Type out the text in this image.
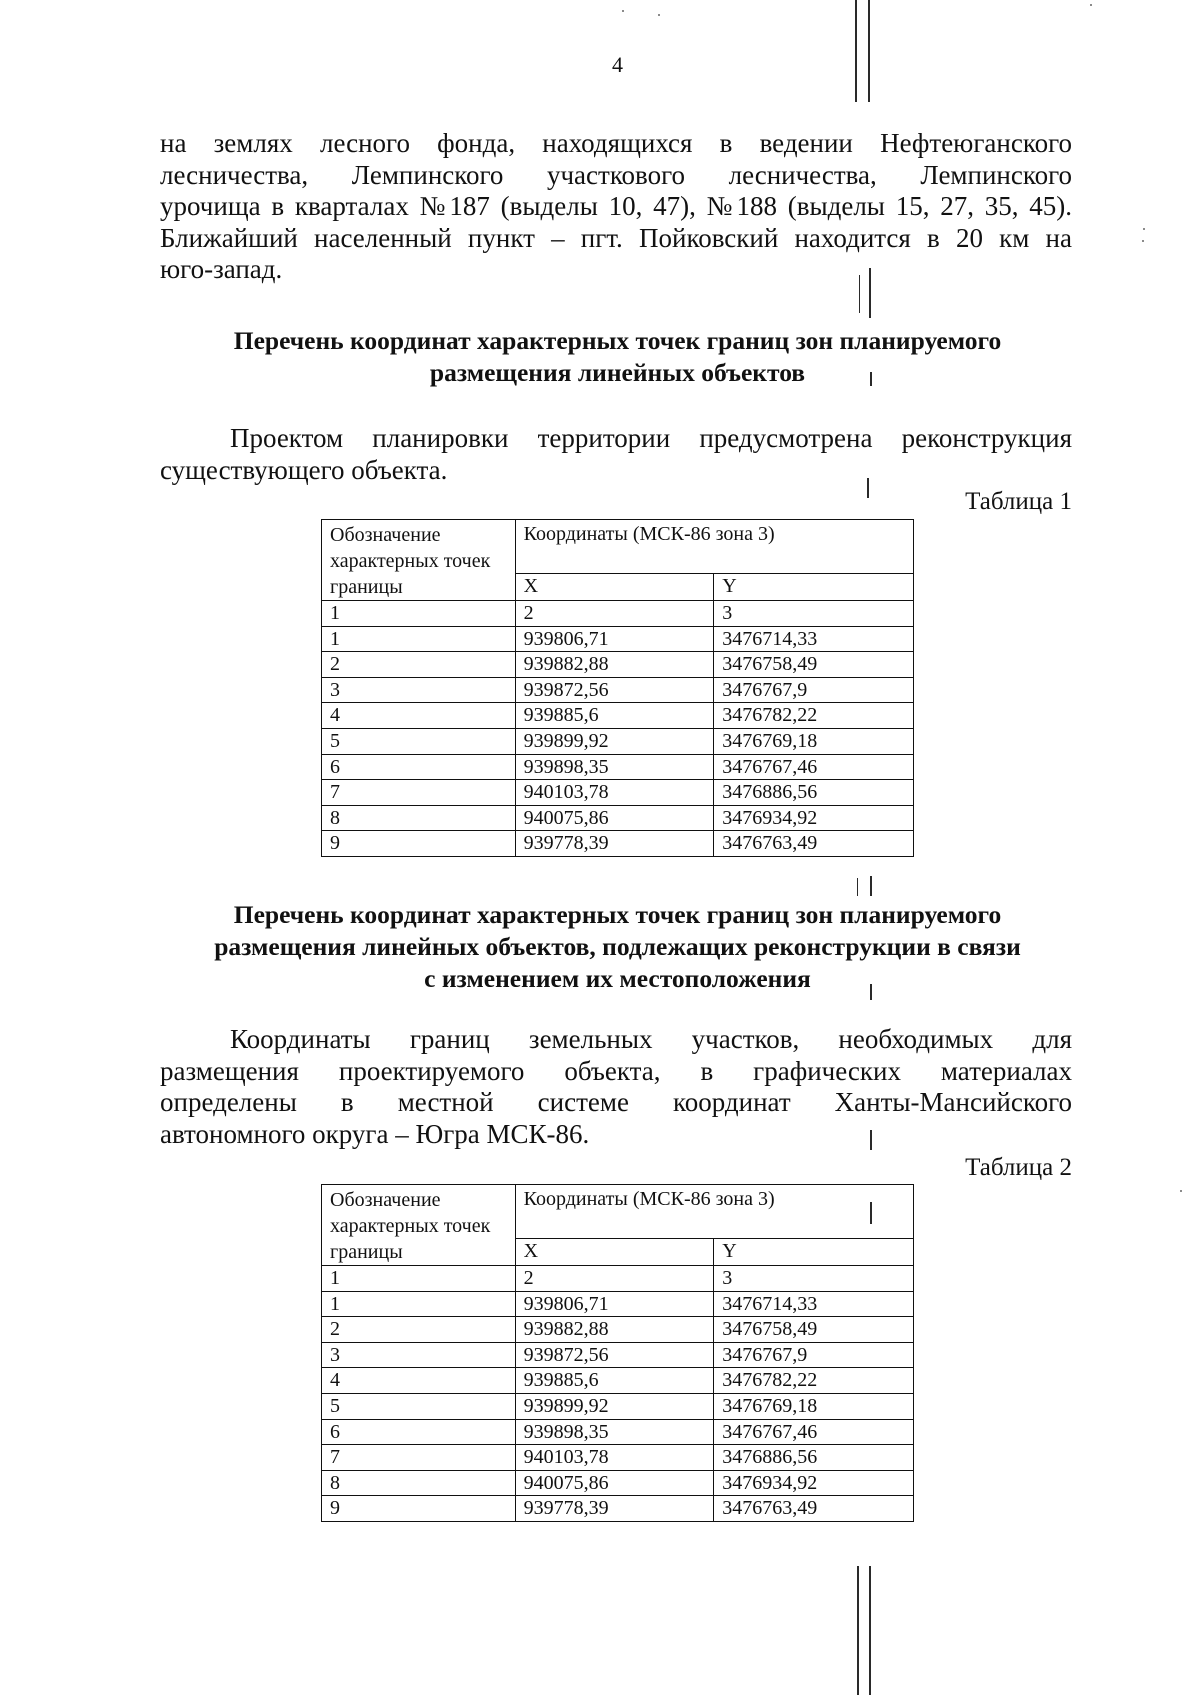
4

на землях лесного фонда, находящихся в ведении Нефтеюганского
лесничества, Лемпинского участкового лесничества, Лемпинского
урочища в кварталах №187 (выделы 10, 47), №188 (выделы 15, 27, 35, 45).
Ближайший населенный пункт – пгт. Пойковский находится в 20 км на
юго-запад.

Перечень координат характерных точек границ зон планируемого
размещения линейных объектов

Проектом планировки территории предусмотрена реконструкция
существующего объекта.

Таблица 1
Обозначение характерных точек границы	Координаты (МСК-86 зона 3)	
	X	Y
1	2	3
1	939806,71	3476714,33
2	939882,88	3476758,49
3	939872,56	3476767,9
4	939885,6	3476782,22
5	939899,92	3476769,18
6	939898,35	3476767,46
7	940103,78	3476886,56
8	940075,86	3476934,92
9	939778,39	3476763,49
Перечень координат характерных точек границ зон планируемого
размещения линейных объектов, подлежащих реконструкции в связи
с изменением их местоположения

Координаты границ земельных участков, необходимых для
размещения проектируемого объекта, в графических материалах
определены в местной системе координат Ханты-Мансийского
автономного округа – Югра МСК-86.

Таблица 2
Обозначение характерных точек границы	Координаты (МСК-86 зона 3)	
	X	Y
1	2	3
1	939806,71	3476714,33
2	939882,88	3476758,49
3	939872,56	3476767,9
4	939885,6	3476782,22
5	939899,92	3476769,18
6	939898,35	3476767,46
7	940103,78	3476886,56
8	940075,86	3476934,92
9	939778,39	3476763,49
